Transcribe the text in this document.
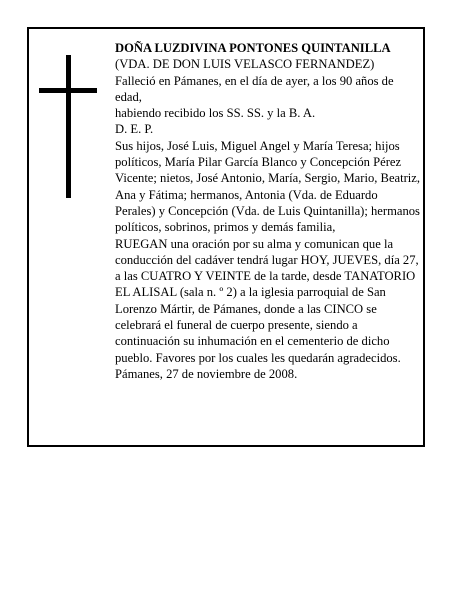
DOÑA LUZDIVINA PONTONES QUINTANILLA

(VDA. DE DON LUIS VELASCO FERNANDEZ)

Falleció en Pámanes, en el día de ayer, a los 90 años de edad,

habiendo recibido los SS. SS. y la B. A.

D. E. P.

Sus hijos, José Luis, Miguel Angel y María Teresa; hijos políticos, María Pilar García Blanco y Concepción Pérez Vicente; nietos, José Antonio, María, Sergio, Mario, Beatriz, Ana y Fátima; hermanos, Antonia (Vda. de Eduardo Perales) y Concepción (Vda. de Luis Quintanilla); hermanos políticos, sobrinos, primos y demás familia,

RUEGAN una oración por su alma y comunican que la conducción del cadáver tendrá lugar HOY, JUEVES, día 27, a las CUATRO Y VEINTE de la tarde, desde TANATORIO EL ALISAL (sala n. º 2) a la iglesia parroquial de San Lorenzo Mártir, de Pámanes, donde a las CINCO se celebrará el funeral de cuerpo presente, siendo a continuación su inhumación en el cementerio de dicho pueblo. Favores por los cuales les quedarán agradecidos.

Pámanes, 27 de noviembre de 2008.
